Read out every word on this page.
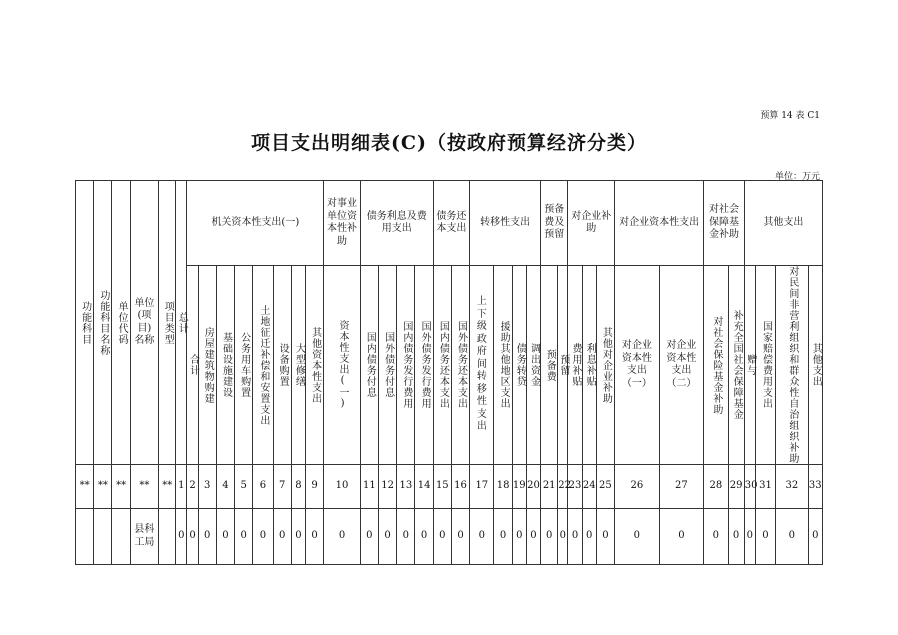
预算 14 表 C1
项目支出明细表(C)（按政府预算经济分类）
单位：万元
功能科目	功能科目名称	单位代码	单位(项目)名称	项目类型	总计	机关资本性支出(一)								对事业单位资本性补助	债务利息及费用支出				债务还本支出		转移性支出				预备费及预留		对企业补助			对企业资本性支出		对社会保障基金补助		其他支出			
						合计	房屋建筑物购建	基础设施建设	公务用车购置	土地征迁补偿和安置支出	设备购置	大型修缮	其他资本性支出	资本性支出(一)	国内债务付息	国外债务付息	国内债务发行费用	国外债务发行费用	国内债务还本支出	国外债务还本支出	上下级政府间转移性支出	援助其他地区支出	债务转贷	调出资金	预备费	预留	费用补贴	利息补贴	其他对企业补助	对企业资本性支出（一）	对企业资本性支出（二）	对社会保险基金补助	补充全国社会保障基金	赠与	国家赔偿费用支出	对民间非营利组织和群众性自治组织补助	其他支出
**	**	**	**	**	1	2	3	4	5	6	7	8	9	10	11	12	13	14	15	16	17	18	19	20	21	22	23	24	25	26	27	28	29	30	31	32	33
			县科工局		0	0	0	0	0	0	0	0	0	0	0	0	0	0	0	0	0	0	0	0	0	0	0	0	0	0	0	0	0	0	0	0	0
